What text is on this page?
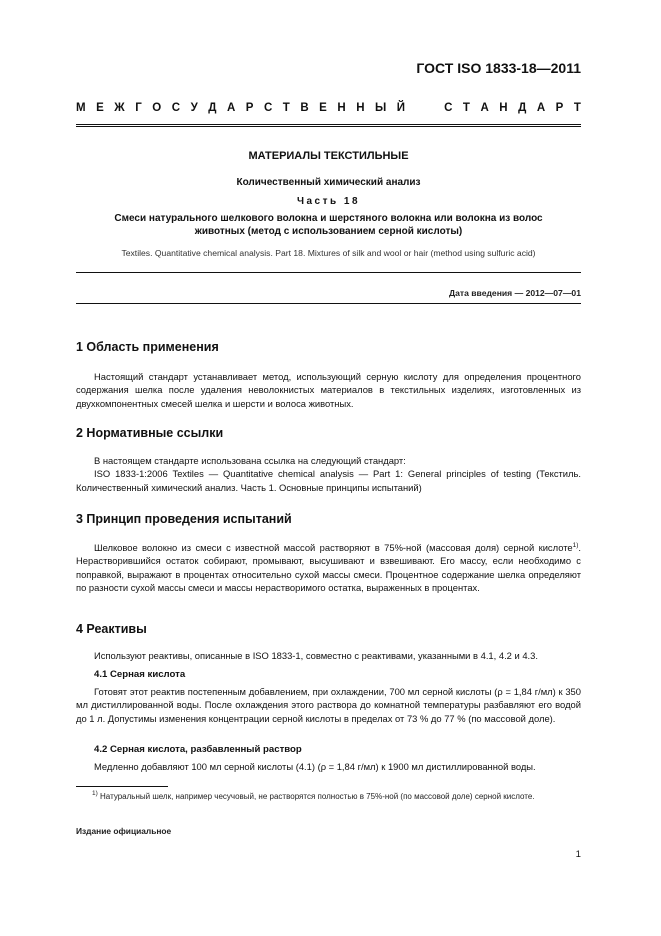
ГОСТ ISO 1833-18—2011
М Е Ж Г О С У Д А Р С Т В Е Н Н Ы Й	С Т А Н Д А Р Т
МАТЕРИАЛЫ ТЕКСТИЛЬНЫЕ
Количественный химический анализ
Часть 18
Смеси натурального шелкового волокна и шерстяного волокна или волокна из волос
животных (метод с использованием серной кислоты)
Textiles. Quantitative chemical analysis. Part 18. Mixtures of silk and wool or hair (method using sulfuric acid)
Дата введения — 2012—07—01
1 Область применения

Настоящий стандарт устанавливает метод, использующий серную кислоту для определения процентного содержания шелка после удаления неволокнистых материалов в текстильных изделиях, изготовленных из двухкомпонентных смесей шелка и шерсти и волоса животных.

2 Нормативные ссылки

В настоящем стандарте использована ссылка на следующий стандарт:

ISO 1833-1:2006 Textiles — Quantitative chemical analysis — Part 1: General principles of testing (Текстиль. Количественный химический анализ. Часть 1. Основные принципы испытаний)

3 Принцип проведения испытаний

Шелковое волокно из смеси с известной массой растворяют в 75%-ной (массовая доля) серной кислоте$^{1)}$. Нерастворившийся остаток собирают, промывают, высушивают и взвешивают. Его массу, если необходимо с поправкой, выражают в процентах относительно сухой массы смеси. Процентное содержание шелка определяют по разности сухой массы смеси и массы нерастворимого остатка, выраженных в процентах.

4 Реактивы

Используют реактивы, описанные в ISO 1833-1, совместно с реактивами, указанными в 4.1, 4.2 и 4.3.

4.1 Серная кислота

Готовят этот реактив постепенным добавлением, при охлаждении, 700 мл серной кислоты (ρ = 1,84 г/мл) к 350 мл дистиллированной воды. После охлаждения этого раствора до комнатной температуры разбавляют его водой до 1 л. Допустимы изменения концентрации серной кислоты в пределах от 73 % до 77 % (по массовой доле).

4.2 Серная кислота, разбавленный раствор

Медленно добавляют 100 мл серной кислоты (4.1) (ρ = 1,84 г/мл) к 1900 мл дистиллированной воды.

$^{1)}$ Натуральный шелк, например чесучовый, не растворятся полностью в 75%-ной (по массовой доле) серной кислоте.

Издание официальное
1
